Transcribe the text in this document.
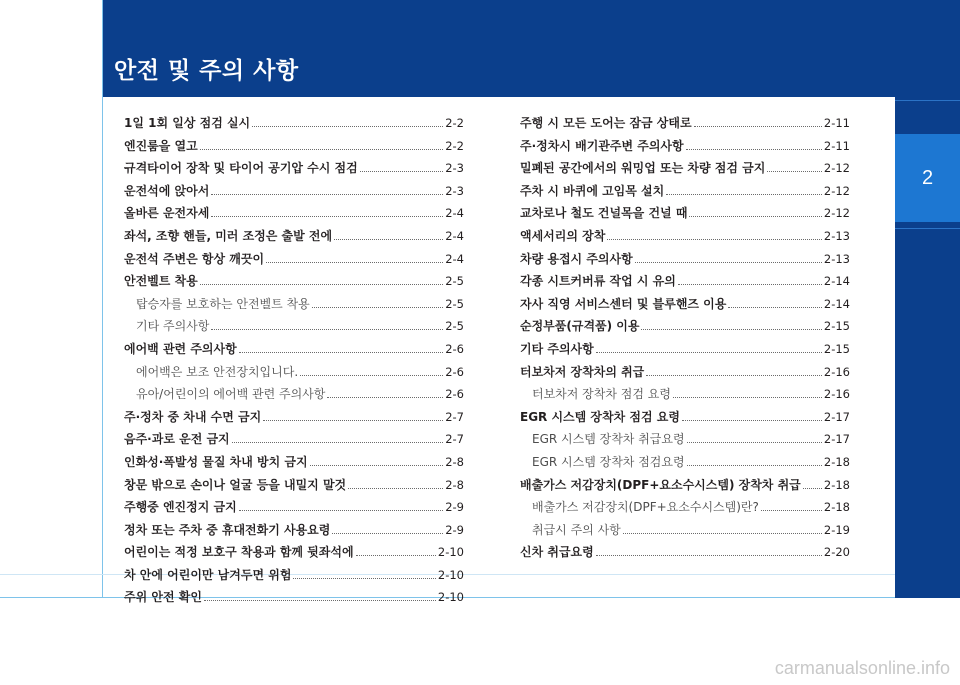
안전 및 주의 사항
2
1일 1회 일상 점검 실시	2-2
엔진룸을 열고	2-2
규격타이어 장착 및 타이어 공기압 수시 점검	2-3
운전석에 앉아서	2-3
올바른 운전자세	2-4
좌석, 조향 핸들, 미러 조정은 출발 전에	2-4
운전석 주변은 항상 깨끗이	2-4
안전벨트 착용	2-5
탑승자를 보호하는 안전벨트 착용	2-5
기타 주의사항	2-5
에어백 관련 주의사항	2-6
에어백은 보조 안전장치입니다.	2-6
유아/어린이의 에어백 관련 주의사항	2-6
주·정차 중 차내 수면 금지	2-7
음주·과로 운전 금지	2-7
인화성·폭발성 물질 차내 방치 금지	2-8
창문 밖으로 손이나 얼굴 등을 내밀지 말것	2-8
주행중 엔진정지 금지	2-9
정차 또는 주차 중 휴대전화기 사용요령	2-9
어린이는 적정 보호구 착용과 함께 뒷좌석에	2-10
차 안에 어린이만 남겨두면 위험	2-10
주위 안전 확인	2-10
주행 시 모든 도어는 잠금 상태로	2-11
주·정차시 배기관주변 주의사항	2-11
밀폐된 공간에서의 워밍업 또는 차량 점검 금지	2-12
주차 시 바퀴에 고임목 설치	2-12
교차로나 철도 건널목을 건널 때	2-12
액세서리의 장착	2-13
차량 용접시 주의사항	2-13
각종 시트커버류 작업 시 유의	2-14
자사 직영 서비스센터 및 블루핸즈 이용	2-14
순정부품(규격품) 이용	2-15
기타 주의사항	2-15
터보차저 장착차의 취급	2-16
터보차저 장착차 점검 요령	2-16
EGR 시스템 장착차 점검 요령	2-17
EGR 시스템 장착차 취급요령	2-17
EGR 시스템 장착차 점검요령	2-18
배출가스 저감장치(DPF+요소수시스템) 장착차 취급 2-18
배출가스 저감장치(DPF+요소수시스템)란?	2-18
취급시 주의 사항	2-19
신차 취급요령	2-20
carmanualsonline.info
